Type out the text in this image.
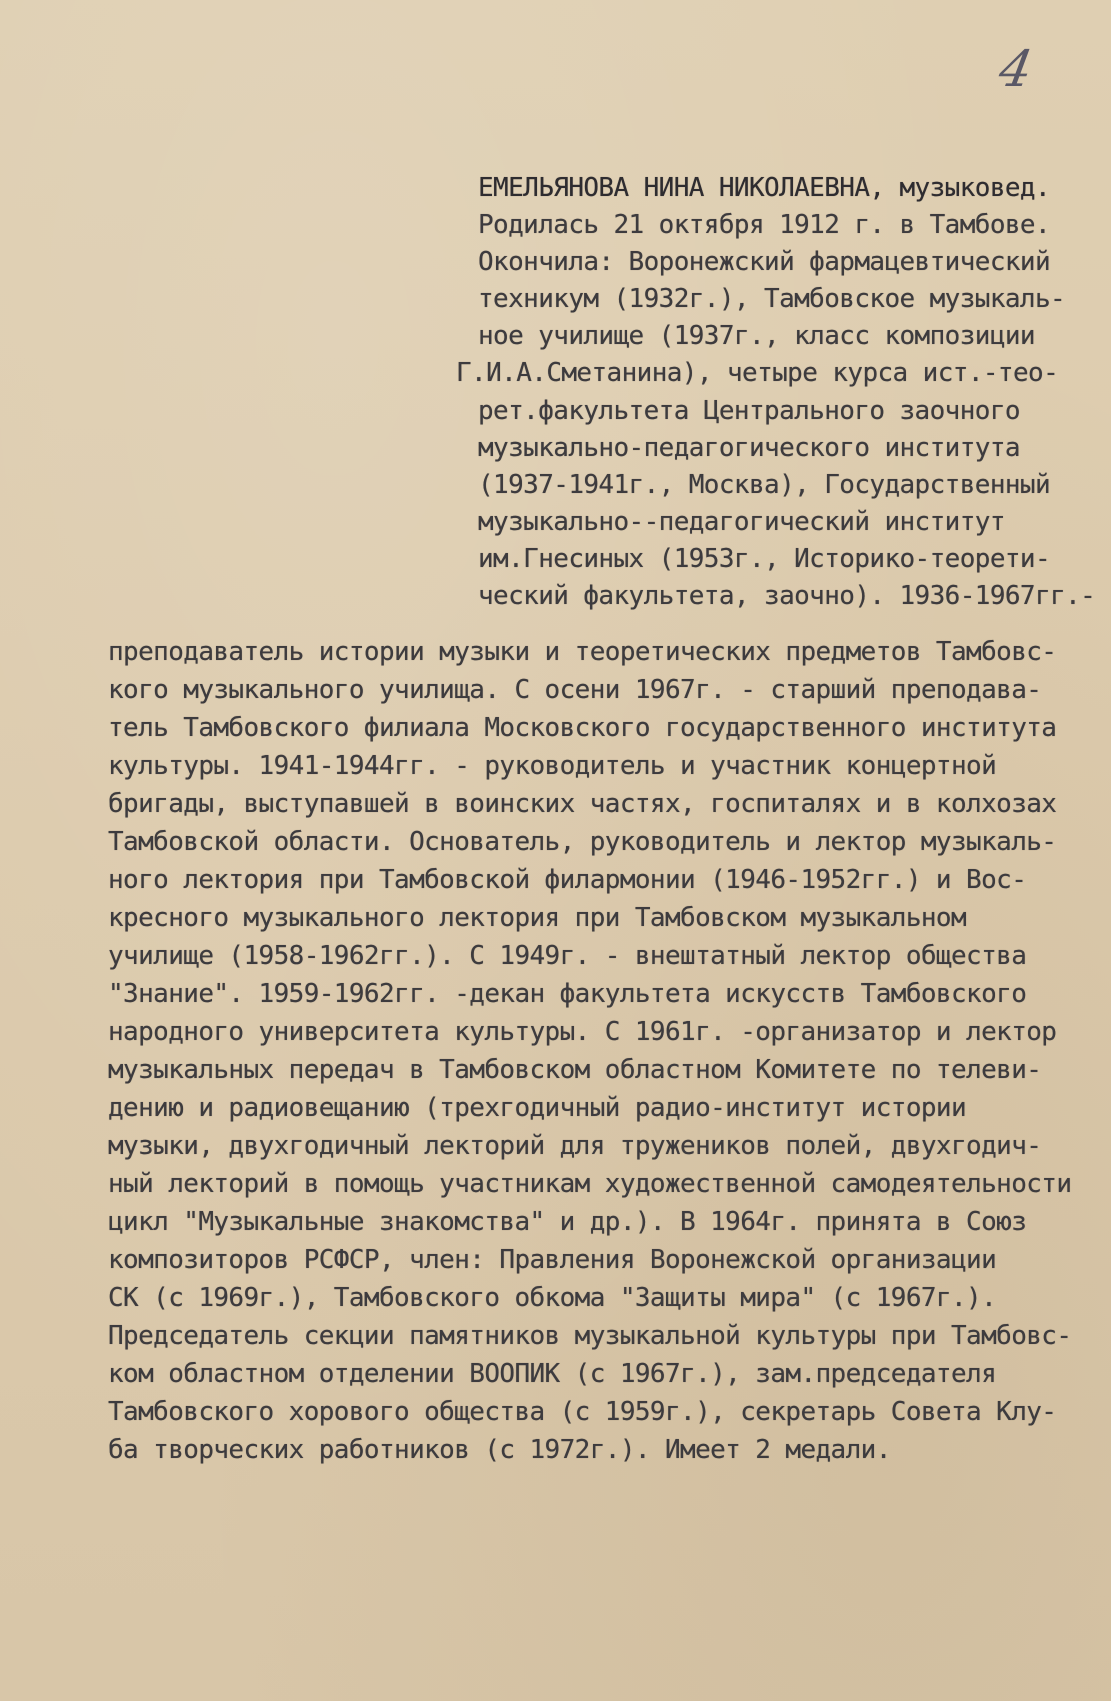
4
ЕМЕЛЬЯНОВА НИНА НИКОЛАЕВНА, музыковед.
Родилась 21 октября 1912 г. в Тамбове.
Окончила: Воронежский фармацевтический
техникум (1932г.), Тамбовское музыкаль-
ное училище (1937г., класс композиции
Г.И.А.Сметанина), четыре курса ист.-тео-
рет.факультета Центрального заочного
музыкально-педагогического института
(1937-1941г., Москва), Государственный
музыкально--педагогический институт
им.Гнесиных (1953г., Историко-теорети-
ческий факультета, заочно). 1936-1967гг.-
преподаватель истории музыки и теоретических предметов Тамбовс-
кого музыкального училища. С осени 1967г. - старший преподава-
тель Тамбовского филиала Московского государственного института
культуры. 1941-1944гг. - руководитель и участник концертной
бригады, выступавшей в воинских частях, госпиталях и в колхозах
Тамбовской области. Основатель, руководитель и лектор музыкаль-
ного лектория при Тамбовской филармонии (1946-1952гг.) и Вос-
кресного музыкального лектория при Тамбовском музыкальном
училище (1958-1962гг.). С 1949г. - внештатный лектор общества
"Знание". 1959-1962гг. -декан факультета искусств Тамбовского
народного университета культуры. С 1961г. -организатор и лектор
музыкальных передач в Тамбовском областном Комитете по телеви-
дению и радиовещанию (трехгодичный радио-институт истории
музыки, двухгодичный лекторий для тружеников полей, двухгодич-
ный лекторий в помощь участникам художественной самодеятельности
цикл "Музыкальные знакомства" и др.). В 1964г. принята в Союз
композиторов РСФСР, член: Правления Воронежской организации
СК (с 1969г.), Тамбовского обкома "Защиты мира" (с 1967г.).
Председатель секции памятников музыкальной культуры при Тамбовс-
ком областном отделении ВООПИК (с 1967г.), зам.председателя
Тамбовского хорового общества (с 1959г.), секретарь Совета Клу-
ба творческих работников (с 1972г.). Имеет 2 медали.
